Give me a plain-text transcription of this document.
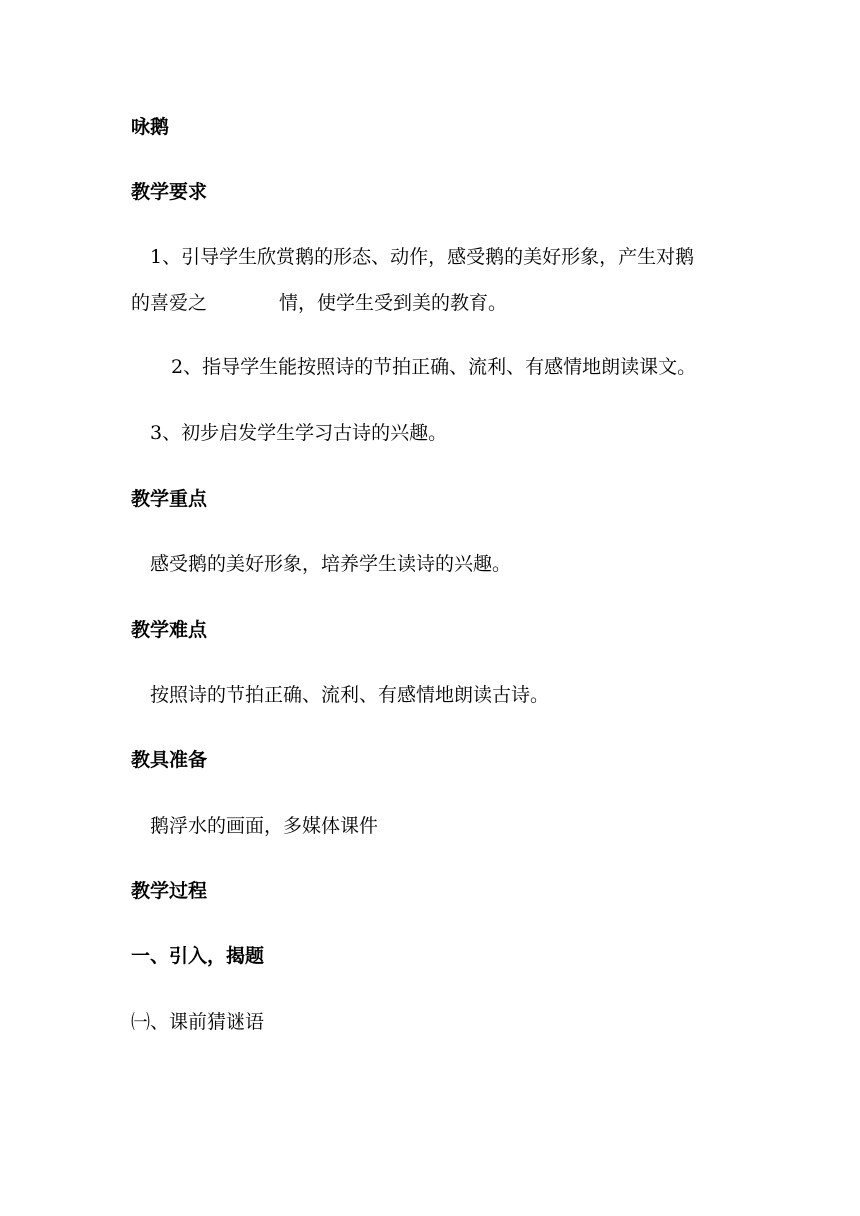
咏鹅
教学要求
1、引导学生欣赏鹅的形态、动作，感受鹅的美好形象，产生对鹅
的喜爱之	情，使学生受到美的教育。
2、指导学生能按照诗的节拍正确、流利、有感情地朗读课文。
3、初步启发学生学习古诗的兴趣。
教学重点
感受鹅的美好形象，培养学生读诗的兴趣。
教学难点
按照诗的节拍正确、流利、有感情地朗读古诗。
教具准备
鹅浮水的画面，多媒体课件
教学过程
一、引入，揭题
㈠、课前猜谜语
